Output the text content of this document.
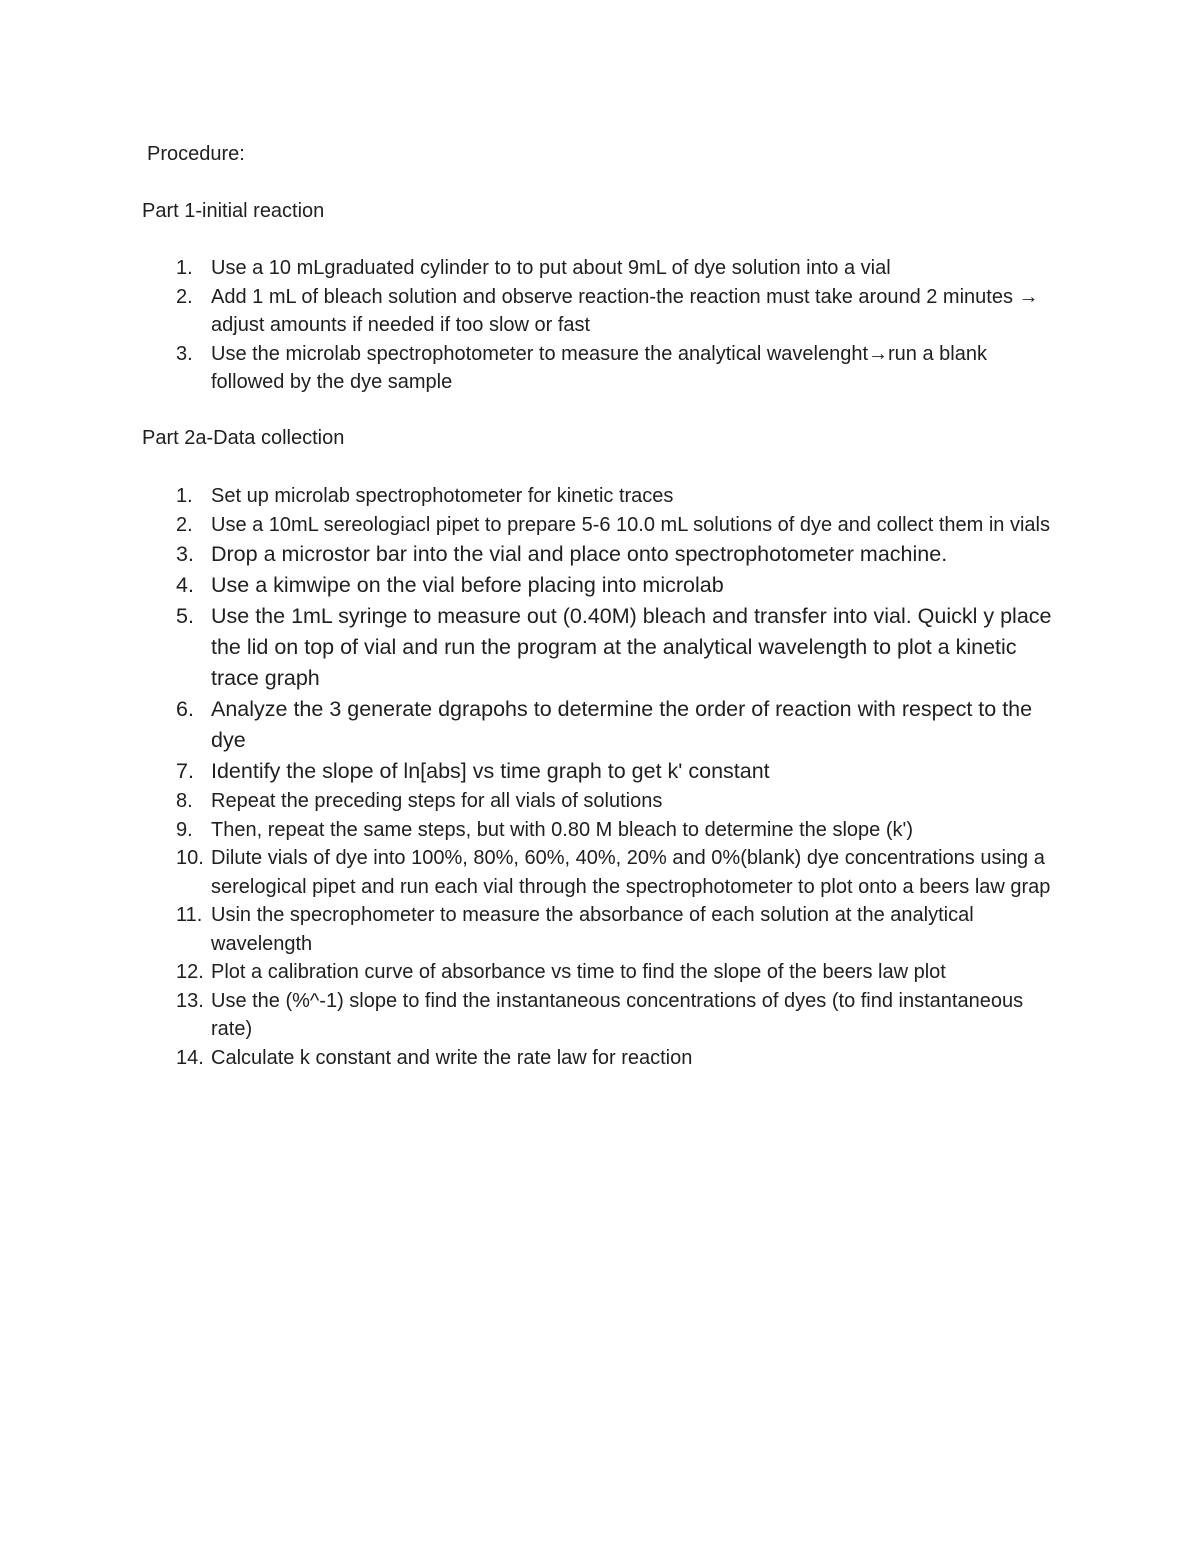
Procedure:
Part 1-initial reaction
1. Use a 10 mLgraduated cylinder to to put about 9mL of dye solution into a vial
2. Add 1 mL of bleach solution and observe reaction-the reaction must take around 2 minutes → adjust amounts if needed if too slow or fast
3. Use the microlab spectrophotometer to measure the analytical wavelenght→run a blank followed by the dye sample
Part 2a-Data collection
1. Set up microlab spectrophotometer for kinetic traces
2. Use a 10mL sereologiacl pipet to prepare 5-6 10.0 mL solutions of dye and collect them in vials
3. Drop a microstor bar into the vial and place onto spectrophotometer machine.
4. Use a kimwipe on the vial before placing into microlab
5. Use the 1mL syringe to measure out (0.40M) bleach and transfer into vial. Quickl y place the lid on top of vial and run the program at the analytical wavelength to plot a kinetic trace graph
6. Analyze the 3 generate dgrapohs to determine the order of reaction with respect to the dye
7. Identify the slope of ln[abs] vs time graph to get k' constant
8. Repeat the preceding steps for all vials of solutions
9. Then, repeat the same steps, but with 0.80 M bleach to determine the slope (k')
10. Dilute vials of dye into 100%, 80%, 60%, 40%, 20% and 0%(blank) dye concentrations using a serelogical pipet and run each vial through the spectrophotometer to plot onto a beers law grap
11. Usin the specrophometer to measure the absorbance of each solution at the analytical wavelength
12. Plot a calibration curve of absorbance vs time to find the slope of the beers law plot
13. Use the (%^-1) slope to find the instantaneous concentrations of dyes (to find instantaneous rate)
14. Calculate k constant and write the rate law for reaction
